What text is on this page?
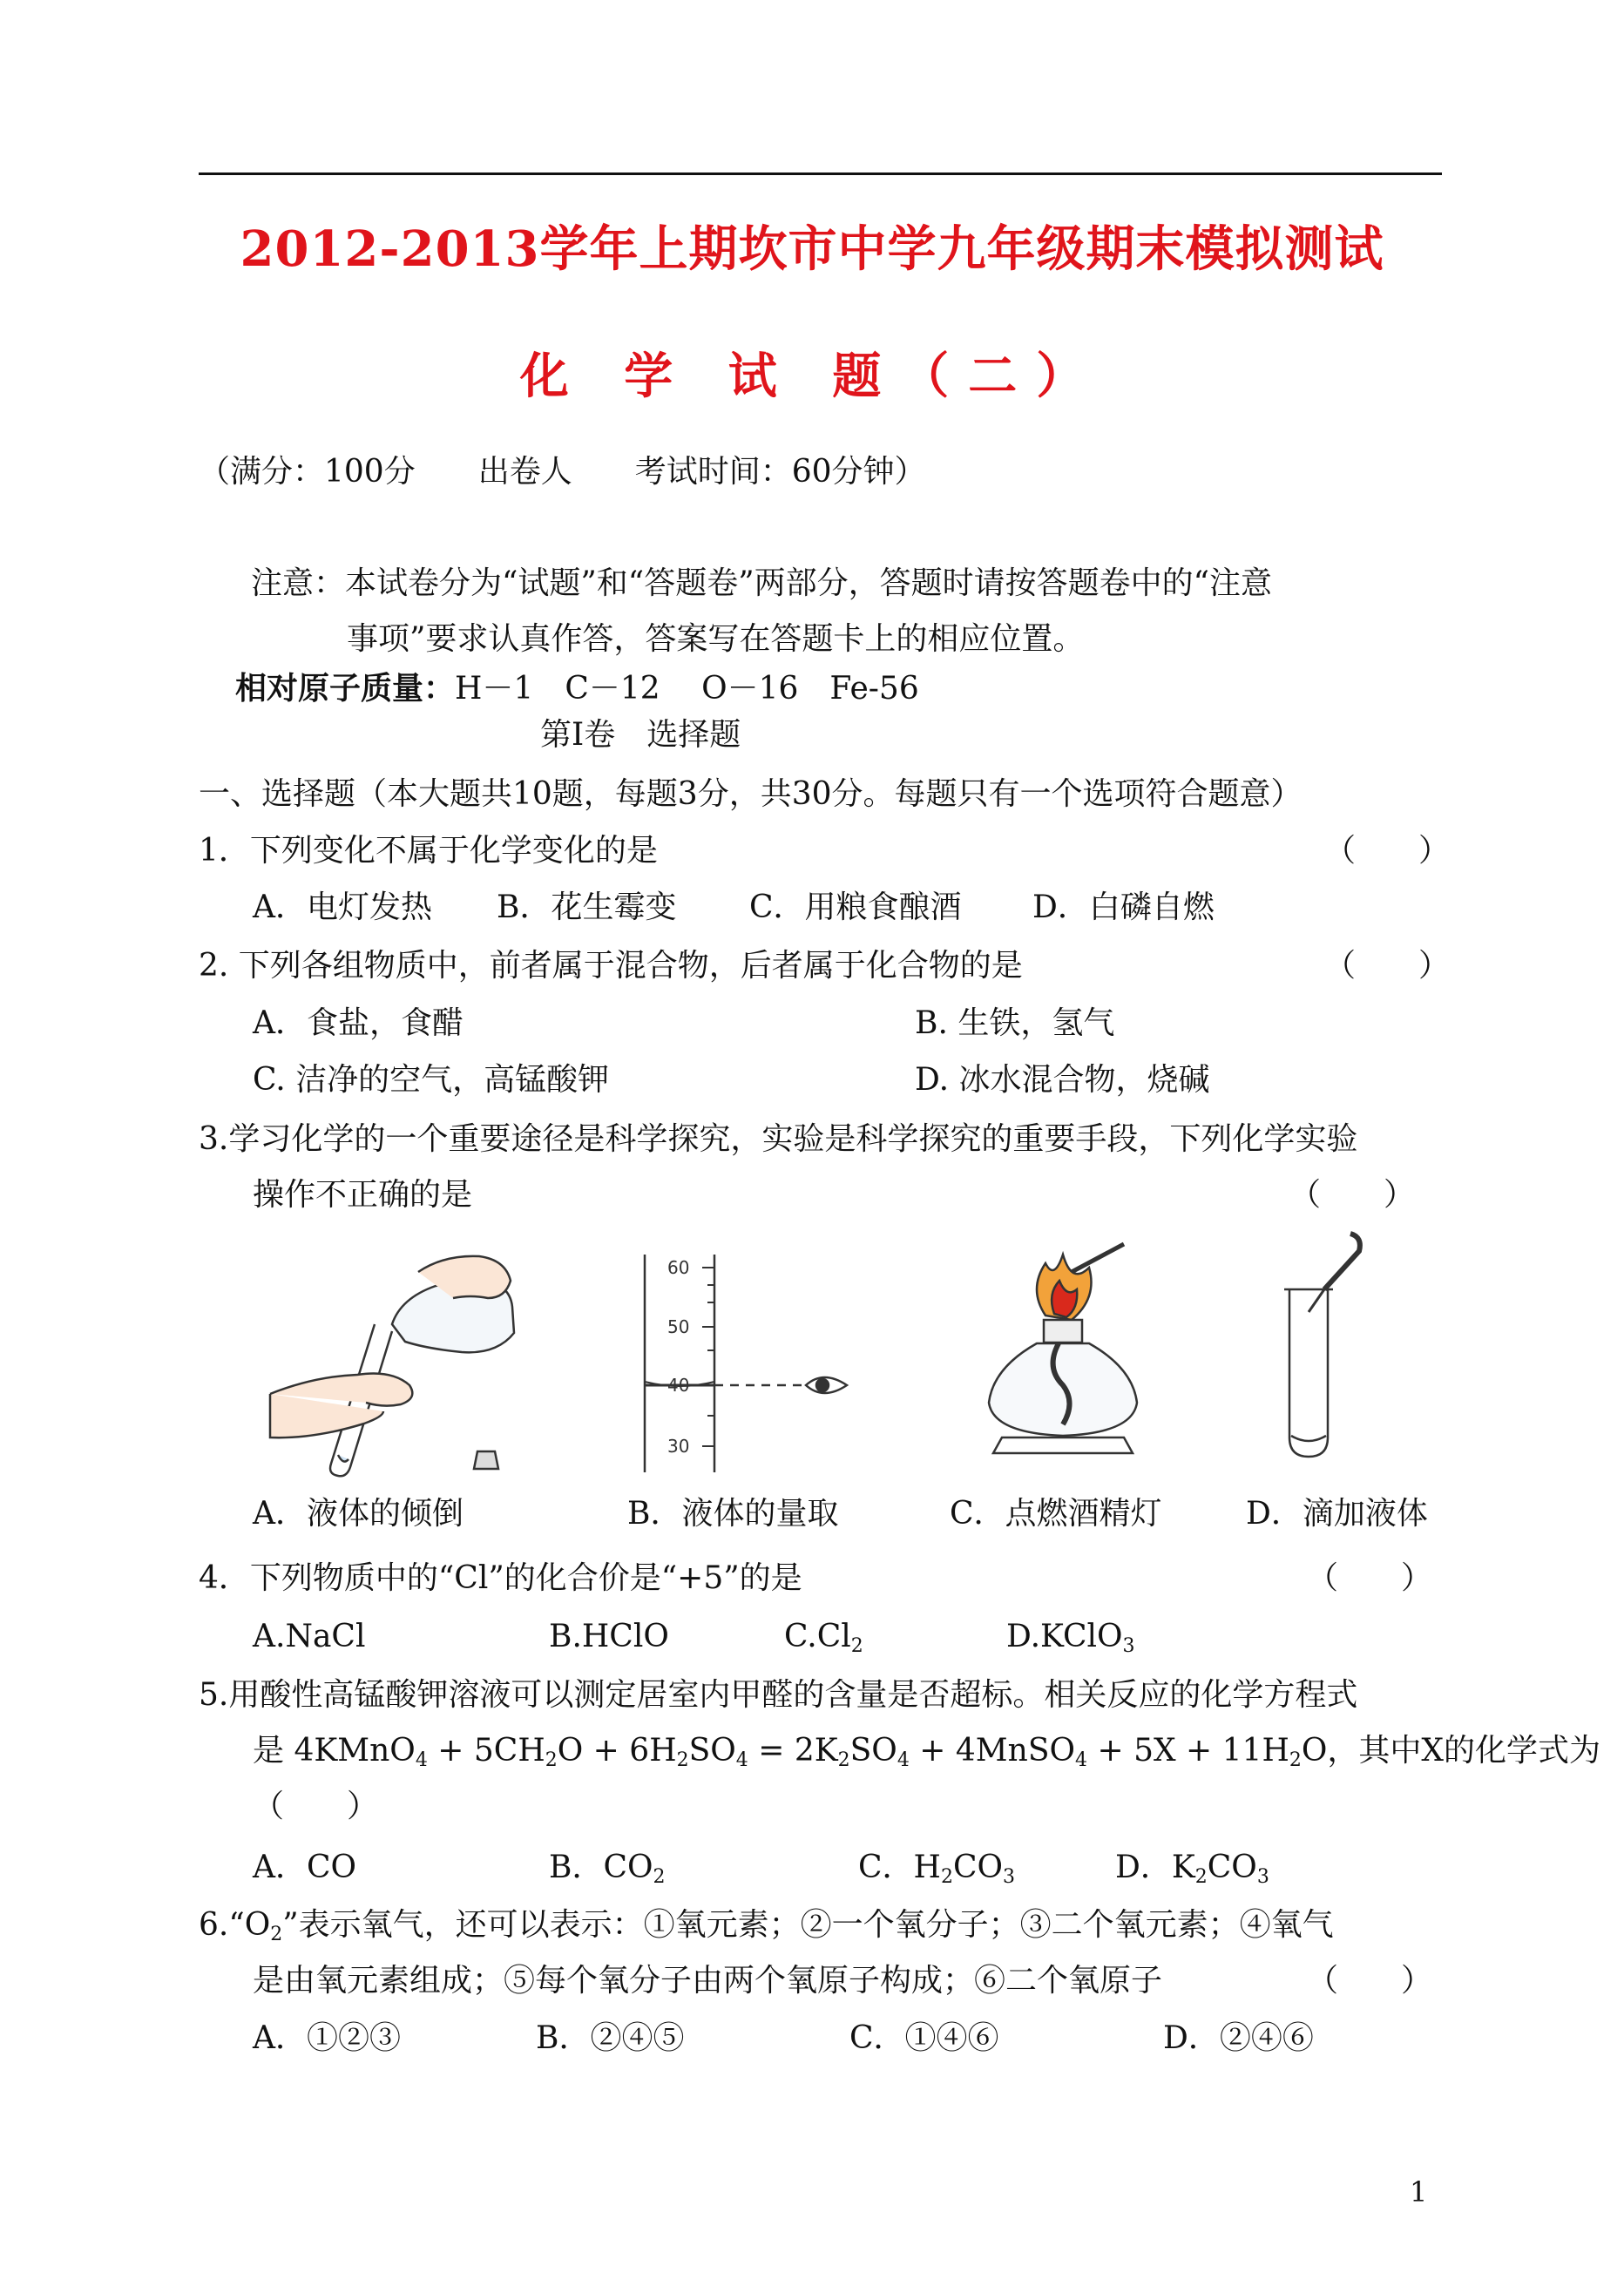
2012-2013学年上期坎市中学九年级期末模拟测试
化 学 试 题（二）
（满分：100分　　出卷人　　考试时间：60分钟）
注意：本试卷分为“试题”和“答题卷”两部分，答题时请按答题卷中的“注意
事项”要求认真作答，答案写在答题卡上的相应位置。
相对原子质量：H－1　C－12　 O－16　Fe-56
第Ⅰ卷　选择题
一、选择题（本大题共10题，每题3分，共30分。每题只有一个选项符合题意）
1．下列变化不属于化学变化的是	（　　）
A．电灯发热 B．花生霉变 C．用粮食酿酒 D．白磷自燃
2. 下列各组物质中，前者属于混合物，后者属于化合物的是	（　　）
A．食盐，食醋	B. 生铁，氢气
C. 洁净的空气，高锰酸钾	D. 冰水混合物，烧碱
3.学习化学的一个重要途径是科学探究，实验是科学探究的重要手段，下列化学实验
操作不正确的是	（　　）
60
50
40
30
A．液体的倾倒	B．液体的量取	C．点燃酒精灯	D．滴加液体
4．下列物质中的“Cl”的化合价是“+5”的是	（　　）
A.NaCl	B.HClO	$C.Cl_2$	D.KClO$_3$
5.用酸性高锰酸钾溶液可以测定居室内甲醛的含量是否超标。相关反应的化学方程式
是 4KMnO$_4$ + $5CH_2O + 6H_2SO_4 = 2K_2SO_4$ + 4MnSO$_4$ + $5X + 11H_2O$，其中X的化学式为
（　　）
A．CO	B．$CO_2$	C．$H_2CO_3$	D．$K_2CO_3$
$6.“O_2$”表示氧气，还可以表示：①氧元素；②一个氧分子；③二个氧元素；④氧气
是由氧元素组成；⑤每个氧分子由两个氧原子构成；⑥二个氧原子	（　　）
A．①②③	B．②④⑤	C．①④⑥	D．②④⑥
1
